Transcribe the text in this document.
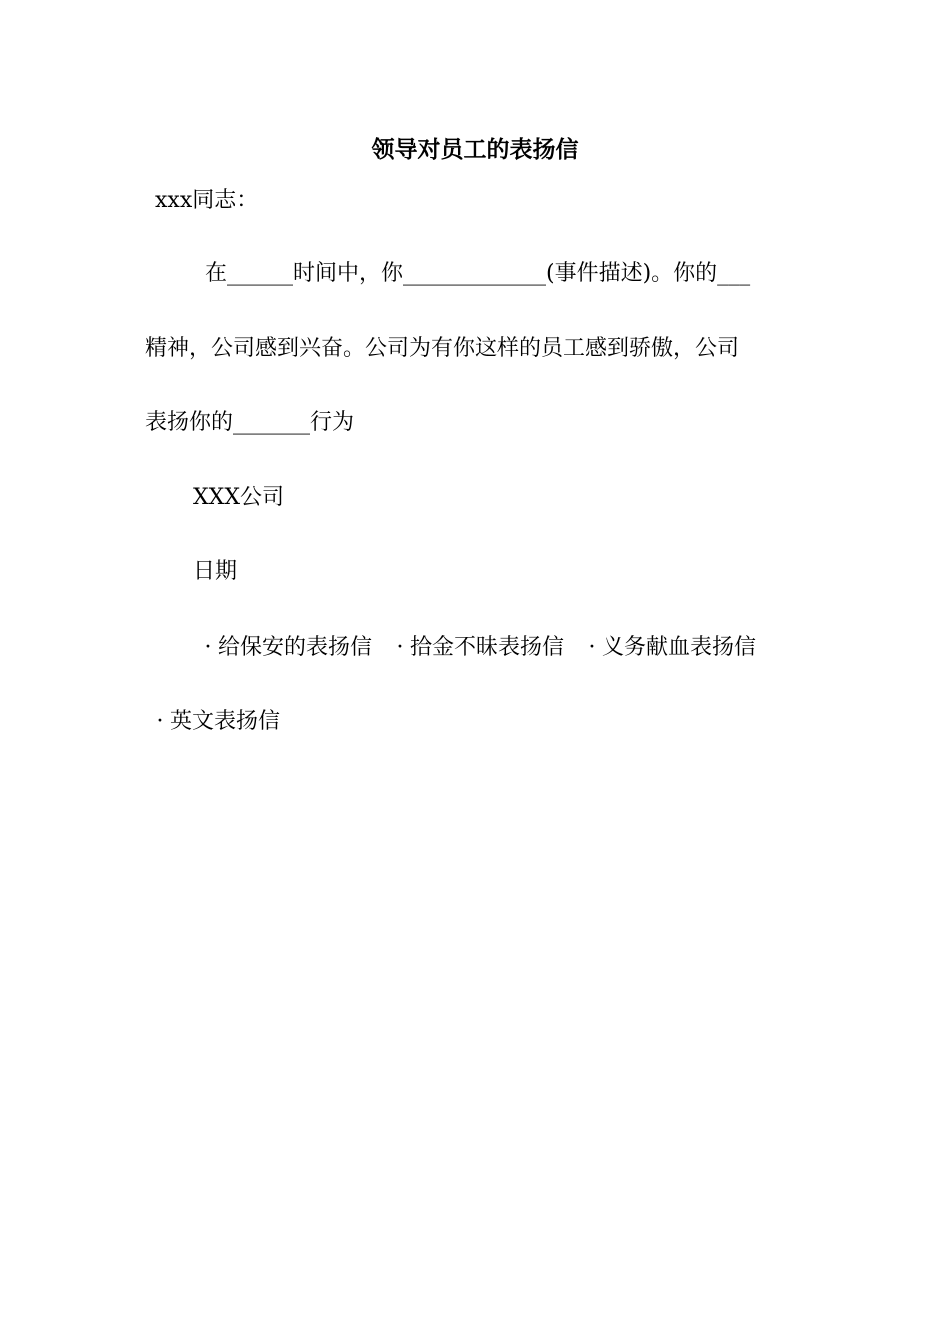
领导对员工的表扬信

xxx同志：

在______时间中，你_____________(事件描述)。你的___

精神，公司感到兴奋。公司为有你这样的员工感到骄傲，公司

表扬你的_______行为

XXX公司

日期

· 给保安的表扬信 · 拾金不昧表扬信 · 义务献血表扬信
· 英文表扬信
